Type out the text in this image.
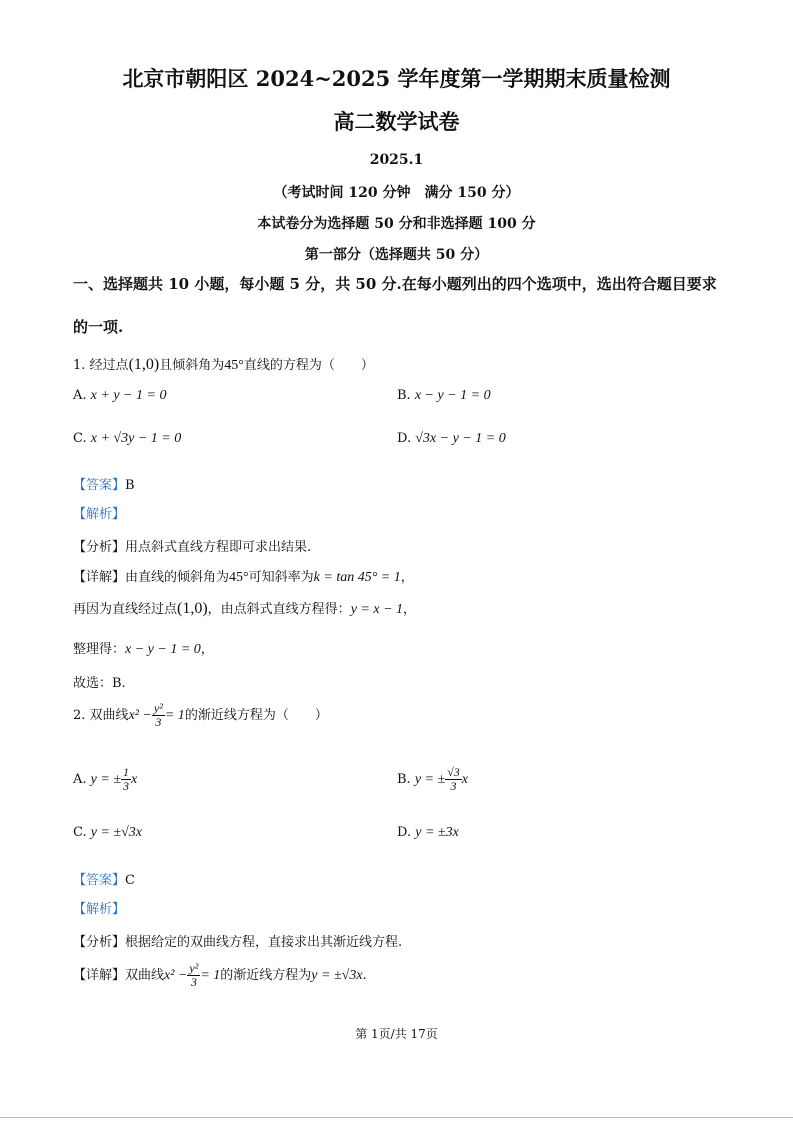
北京市朝阳区 2024~2025 学年度第一学期期末质量检测
高二数学试卷
2025.1
（考试时间 120 分钟　满分 150 分）
本试卷分为选择题 50 分和非选择题 100 分
第一部分（选择题共 50 分）
一、选择题共 10 小题，每小题 5 分，共 50 分.在每小题列出的四个选项中，选出符合题目要求
的一项.
1. 经过点(1,0)且倾斜角为45°直线的方程为（　　）
A. x + y − 1 = 0	B. x − y − 1 = 0
C. x + √3y − 1 = 0	D. √3x − y − 1 = 0
【答案】B
【解析】
【分析】用点斜式直线方程即可求出结果.
【详解】由直线的倾斜角为45°可知斜率为k = tan 45° = 1，
再因为直线经过点(1,0)，由点斜式直线方程得：y = x − 1，
整理得：x − y − 1 = 0，
故选：B.
2. 双曲线$x^2 - \frac{\text{y²}}{3} = 1$的渐近线方程为（　　）
A. y = ± $\frac{1}{3}$ x	B. y = ± $\frac{√3}{3}$ x
C. y = ±√3x	D. y = ±3x
【答案】C
【解析】
【分析】根据给定的双曲线方程，直接求出其渐近线方程.
【详解】双曲线$x^2 - \frac{\text{y²}}{3} = 1$的渐近线方程为y = ±√3x.
第 1页/共 17页
